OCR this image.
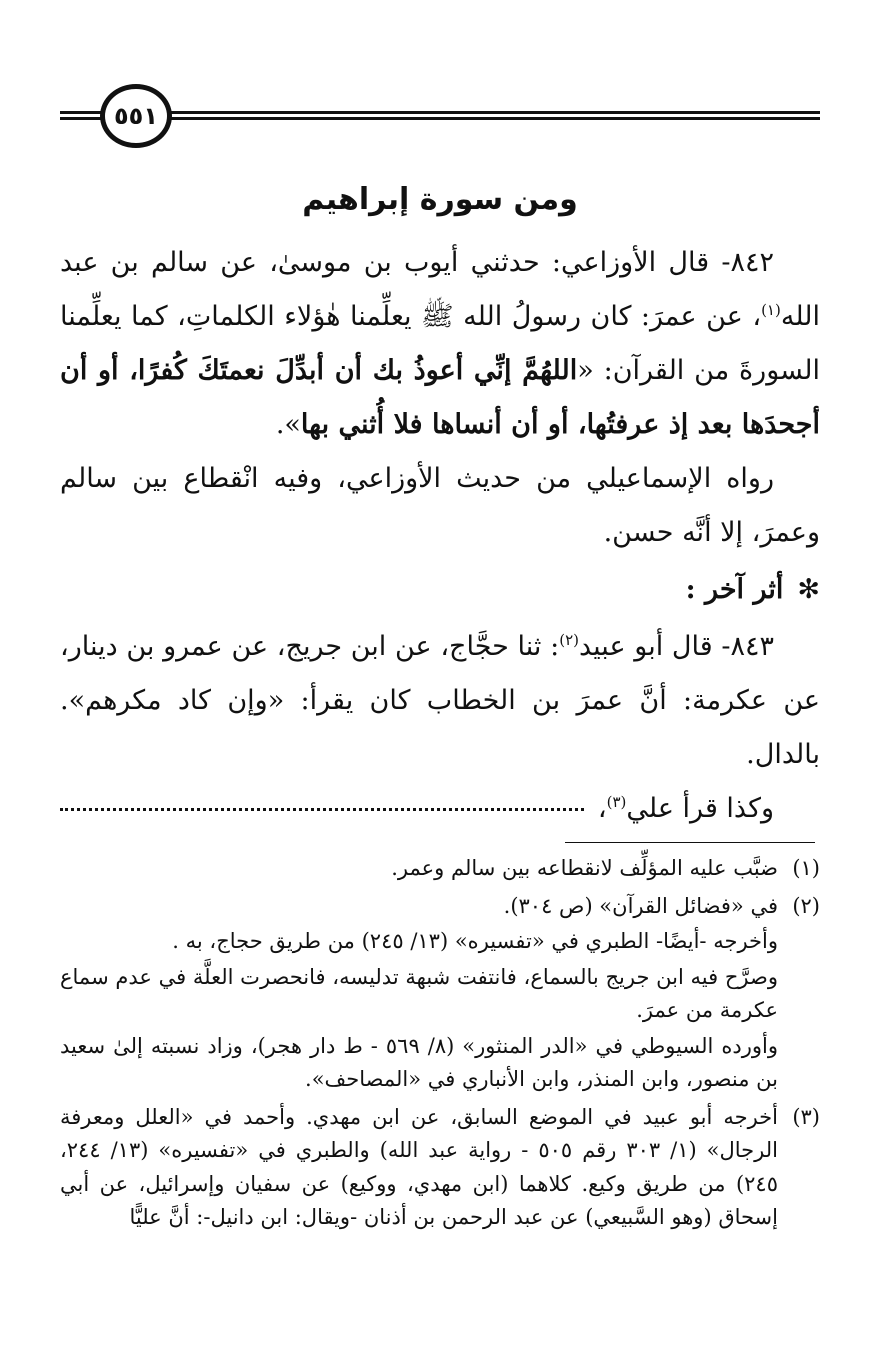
٥٥١
ومن سورة إبراهيم

٨٤٢- قال الأوزاعي: حدثني أيوب بن موسىٰ، عن سالم بن عبد الله$^{(١)}$، عن عمرَ: كان رسولُ الله ﷺ يعلِّمنا هٰؤلاء الكلماتِ، كما يعلِّمنا السورةَ من القرآن: «اللهُمَّ إنِّي أعوذُ بك أن أبدِّلَ نعمتَكَ كُفرًا، أو أن أجحدَها بعد إذ عرفتُها، أو أن أنساها فلا أُثني بها».

رواه الإسماعيلي من حديث الأوزاعي، وفيه انْقطاع بين سالم وعمرَ، إلا أنَّه حسن.

✻أثر آخر :

٨٤٣- قال أبو عبيد$^{(٢)}$: ثنا حجَّاج، عن ابن جريج، عن عمرو بن دينار، عن عكرمة: أنَّ عمرَ بن الخطاب كان يقرأ: «وإن كاد مكرهم». بالدال.

وكذا قرأ علي$^{(٣)}$،
(١)

ضبَّب عليه المؤلِّف لانقطاعه بين سالم وعمر.

(٢)

في «فضائل القرآن» (ص ٣٠٤).

وأخرجه -أيضًا- الطبري في «تفسيره» (١٣/ ٢٤٥) من طريق حجاج، به .

وصرَّح فيه ابن جريج بالسماع، فانتفت شبهة تدليسه، فانحصرت العلَّة في عدم سماع عكرمة من عمرَ.

وأورده السيوطي في «الدر المنثور» (٨/ ٥٦٩ - ط دار هجر)، وزاد نسبته إلىٰ سعيد بن منصور، وابن المنذر، وابن الأنباري في «المصاحف».

(٣)

أخرجه أبو عبيد في الموضع السابق، عن ابن مهدي. وأحمد في «العلل ومعرفة الرجال» (١/ ٣٠٣ رقم ٥٠٥ - رواية عبد الله) والطبري في «تفسيره» (١٣/ ٢٤٤، ٢٤٥) من طريق وكيع. كلاهما (ابن مهدي، ووكيع) عن سفيان وإسرائيل، عن أبي إسحاق (وهو السَّبيعي) عن عبد الرحمن بن أذنان -ويقال: ابن دانيل-: أنَّ عليًّا
